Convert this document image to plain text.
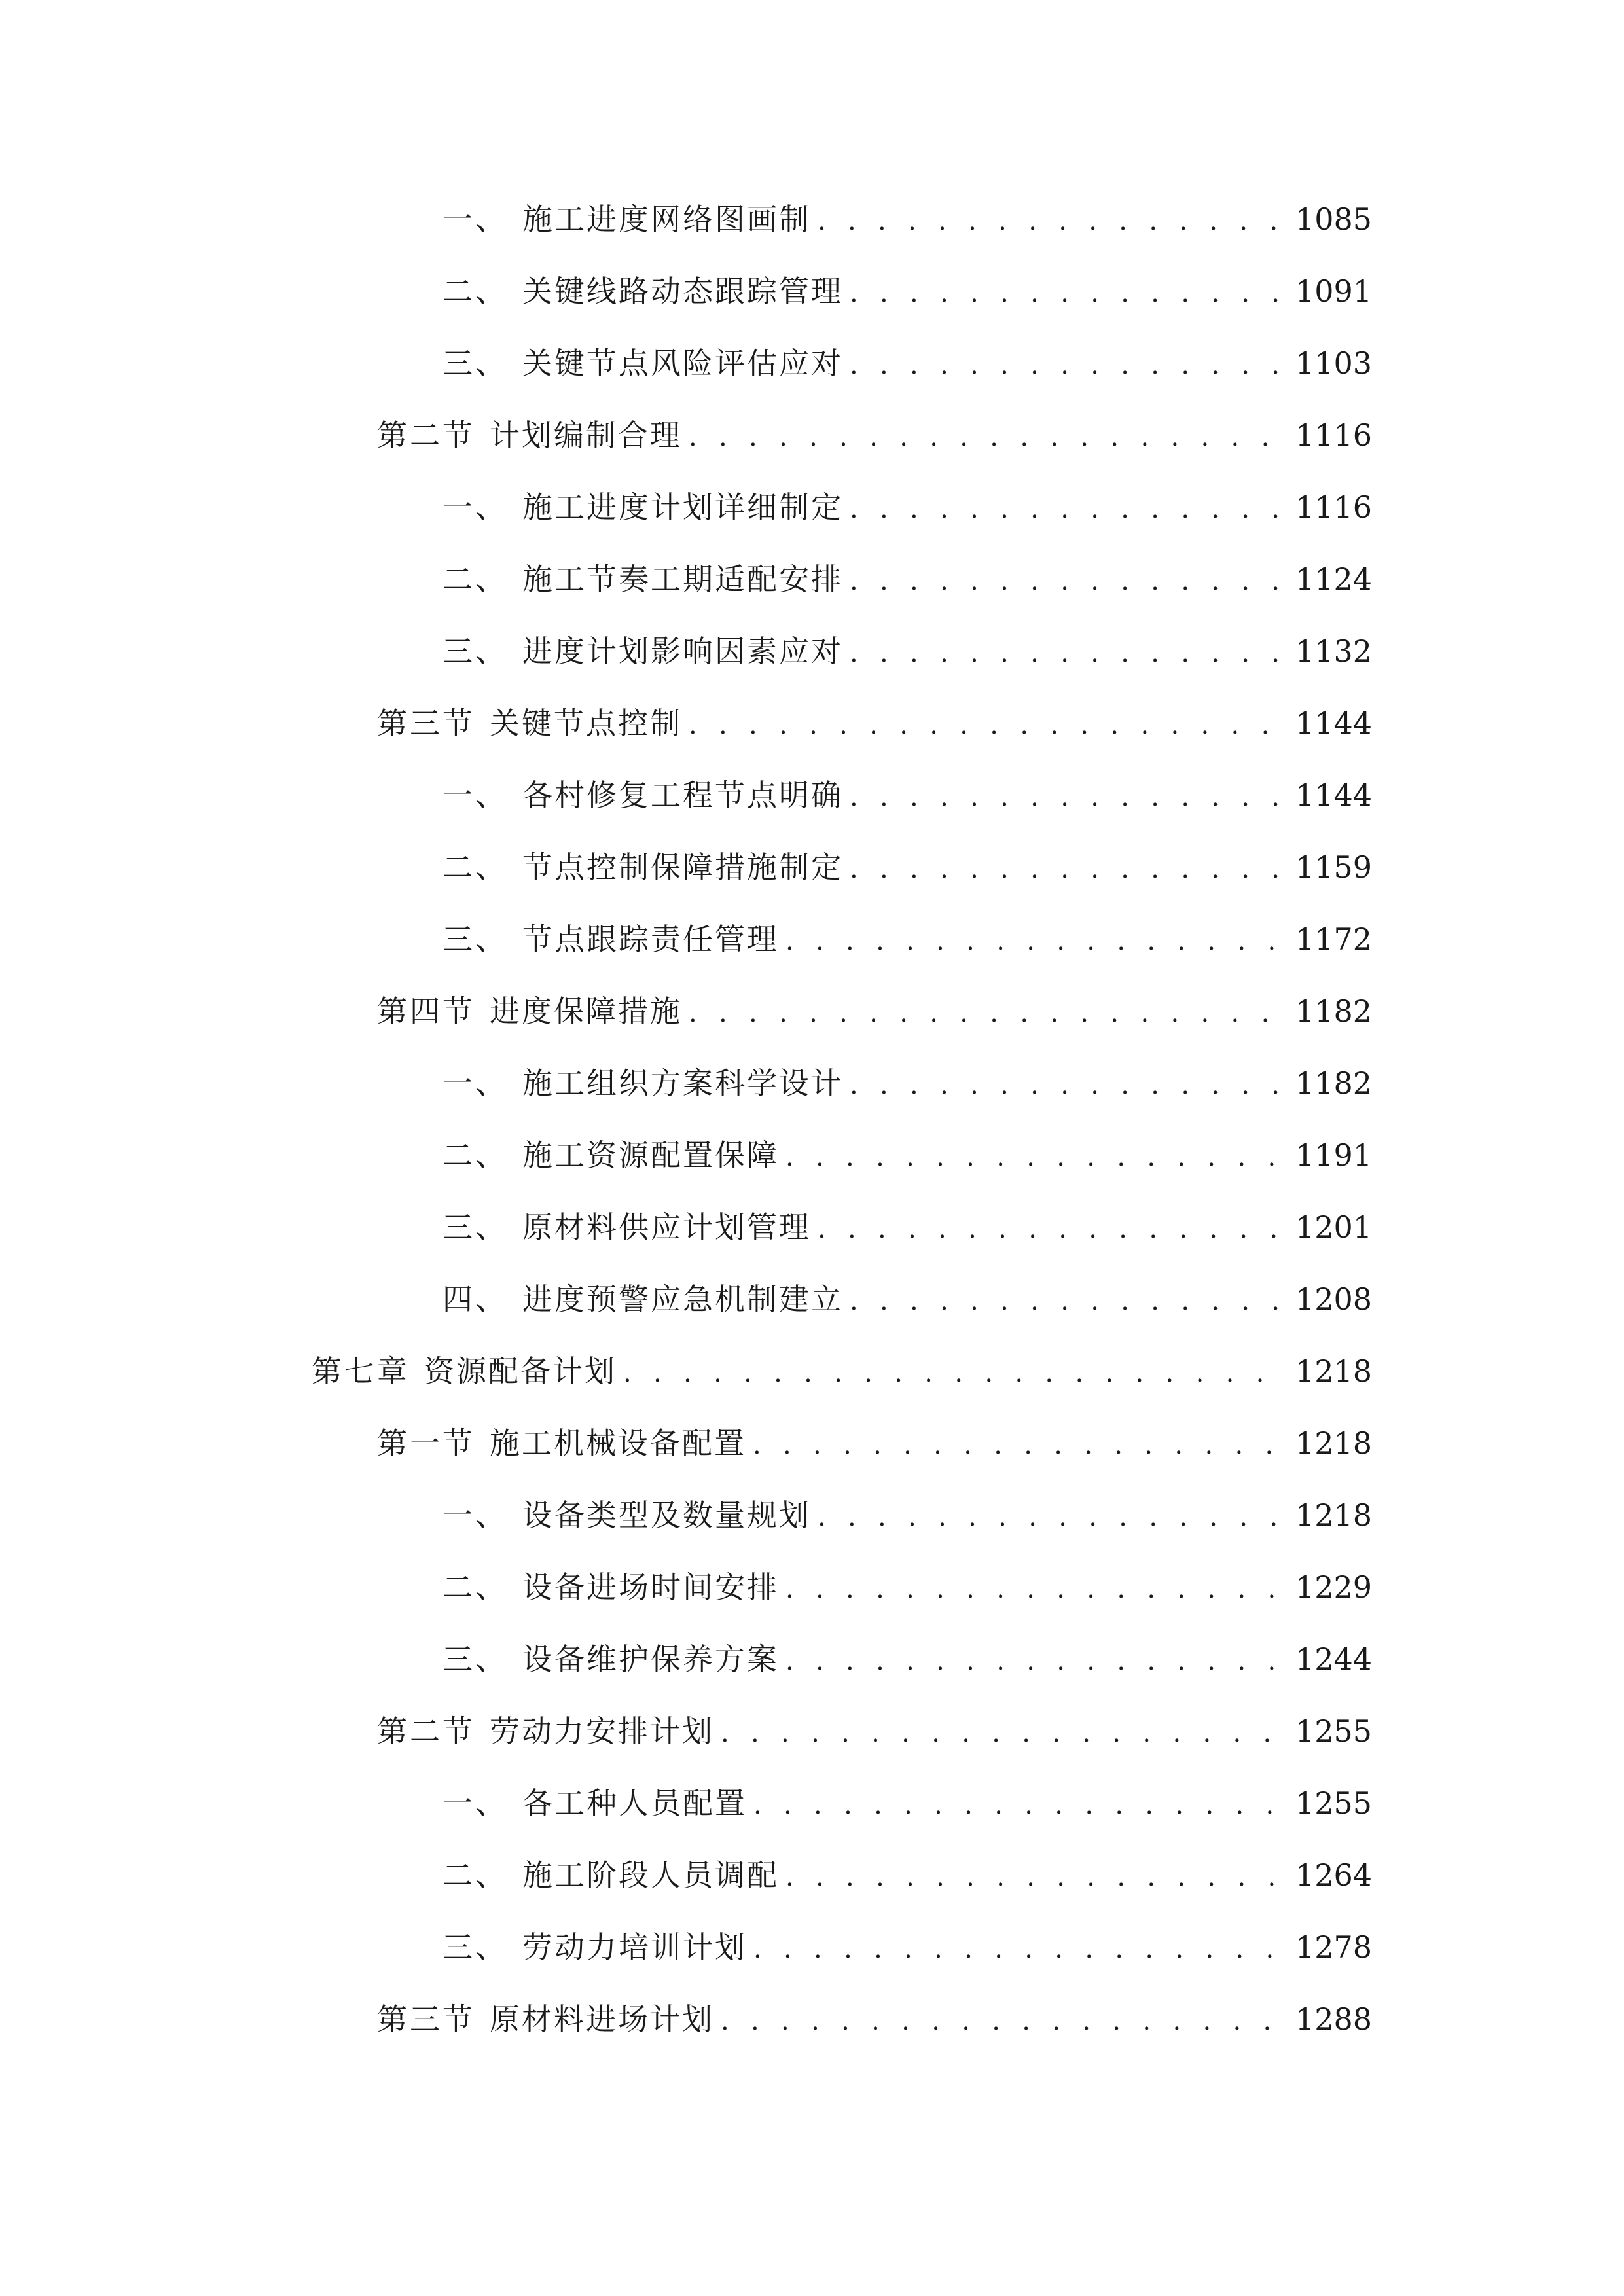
一、 施工进度网络图画制 . . .	1085
二、 关键线路动态跟踪管理 . . .	1091
三、 关键节点风险评估应对 . . .	1103
第二节 计划编制合理 . . .	1116
一、 施工进度计划详细制定 . . .	1116
二、 施工节奏工期适配安排 . . .	1124
三、 进度计划影响因素应对 . . .	1132
第三节 关键节点控制 . . .	1144
一、 各村修复工程节点明确 . . .	1144
二、 节点控制保障措施制定 . . .	1159
三、 节点跟踪责任管理 . . .	1172
第四节 进度保障措施 . . .	1182
一、 施工组织方案科学设计 . . .	1182
二、 施工资源配置保障 . . .	1191
三、 原材料供应计划管理 . . .	1201
四、 进度预警应急机制建立 . . .	1208
第七章 资源配备计划 . . .	1218
第一节 施工机械设备配置 . . .	1218
一、 设备类型及数量规划 . . .	1218
二、 设备进场时间安排 . . .	1229
三、 设备维护保养方案 . . .	1244
第二节 劳动力安排计划 . . .	1255
一、 各工种人员配置 . . .	1255
二、 施工阶段人员调配 . . .	1264
三、 劳动力培训计划 . . .	1278
第三节 原材料进场计划 . . .	1288
